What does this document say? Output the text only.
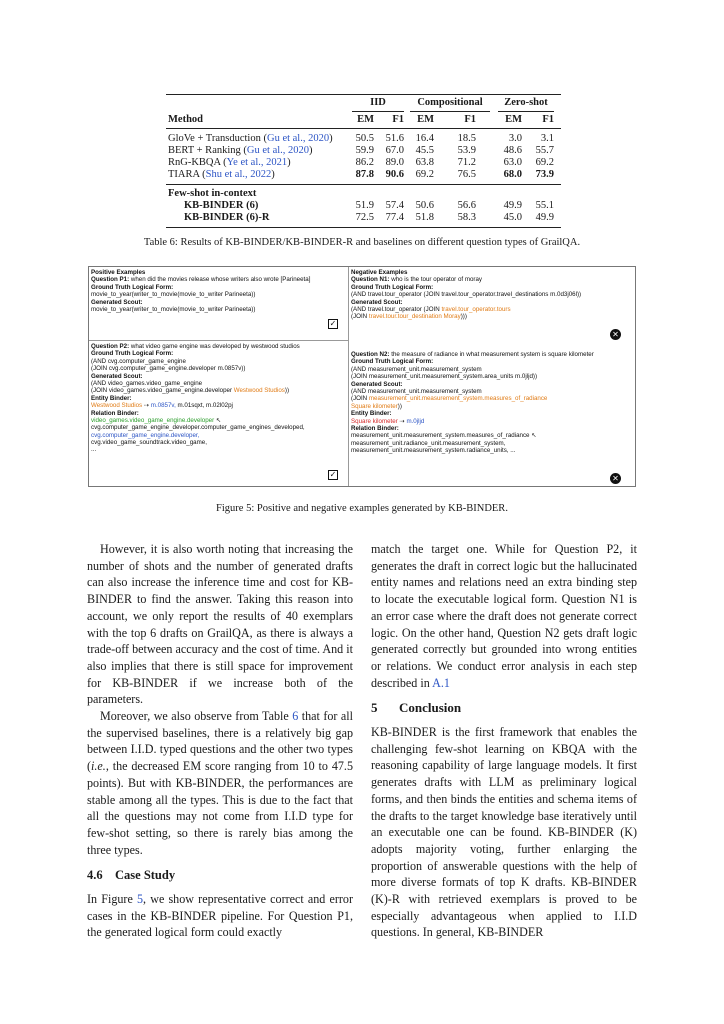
IID	Compositional	Zero-shot
Method	EM	F1	EM	F1	EM	F1
GloVe + Transduction (Gu et al., 2020)	50.5	51.6	16.4	18.5	3.0	3.1
BERT + Ranking (Gu et al., 2020)	59.9	67.0	45.5	53.9	48.6	55.7
RnG-KBQA (Ye et al., 2021)	86.2	89.0	63.8	71.2	63.0	69.2
TIARA (Shu et al., 2022)	87.8	90.6	69.2	76.5	68.0	73.9
Few-shot in-context
KB-BINDER (6)	51.9	57.4	50.6	56.6	49.9	55.1
KB-BINDER (6)-R	72.5	77.4	51.8	58.3	45.0	49.9
Table 6: Results of KB-BINDER/KB-BINDER-R and baselines on different question types of GrailQA.
Positive Examples
Question P1: when did the movies release whose writers also wrote [Parineeta]
Ground Truth Logical Form:
movie_to_year(writer_to_movie(movie_to_writer Parineeta))
Generated Scout:
movie_to_year(writer_to_movie(movie_to_writer Parineeta))
✓
Question P2: what video game engine was developed by westwood studios
Ground Truth Logical Form:
(AND cvg.computer_game_engine
(JOIN cvg.computer_game_engine.developer m.0857v))
Generated Scout:
(AND video_games.video_game_engine
(JOIN video_games.video_game_engine.developer Westwood Studios))
Entity Binder:
Westwood Studios ⇢ m.0857v, m.01sqxt, m.02l02pj
Relation Binder:
video_games.video_game_engine.developer ↖
cvg.computer_game_engine_developer.computer_game_engines_developed,
cvg.computer_game_engine.developer,
cvg.video_game_soundtrack.video_game,
...
✓
Negative Examples
Question N1: who is the tour operator of moray
Ground Truth Logical Form:
(AND travel.tour_operator (JOIN travel.tour_operator.travel_destinations m.0d3j06l))
Generated Scout:
(AND travel.tour_operator (JOIN travel.tour_operator.tours
(JOIN travel.tour.tour_destination Moray)))
✕
Question N2: the measure of radiance in what measurement system is square kilometer
Ground Truth Logical Form:
(AND measurement_unit.measurement_system
(JOIN measurement_unit.measurement_system.area_units m.0jljd))
Generated Scout:
(AND measurement_unit.measurement_system
(JOIN measurement_unit.measurement_system.measures_of_radiance
Square kilometer))
Entity Binder:
Square kilometer ⇢ m.0jljd
Relation Binder:
measurement_unit.measurement_system.measures_of_radiance ↖
measurement_unit.radiance_unit.measurement_system,
measurement_unit.measurement_system.radiance_units, ...
✕
Figure 5: Positive and negative examples generated by KB-BINDER.

However, it is also worth noting that increasing the number of shots and the number of generated drafts can also increase the inference time and cost for KB-BINDER to find the answer. Taking this reason into account, we only report the results of 40 exemplars with the top 6 drafts on GrailQA, as there is always a trade-off between accuracy and the cost of time. And it also implies that there is still space for improvement for KB-BINDER if we increase both of the parameters.

Moreover, we also observe from Table 6 that for all the supervised baselines, there is a relatively big gap between I.I.D. typed questions and the other two types (i.e., the decreased EM score ranging from 10 to 47.5 points). But with KB-BINDER, the performances are stable among all the types. This is due to the fact that all the questions may not come from I.I.D type for few-shot setting, so there is rarely bias among the three types.

4.6 Case Study

In Figure 5, we show representative correct and error cases in the KB-BINDER pipeline. For Question P1, the generated logical form could exactly

match the target one. While for Question P2, it generates the draft in correct logic but the hallucinated entity names and relations need an extra binding step to locate the executable logical form. Question N1 is an error case where the draft does not generate correct logic. On the other hand, Question N2 gets draft logic generated correctly but grounded into wrong entities or relations. We conduct error analysis in each step described in A.1

5 Conclusion

KB-BINDER is the first framework that enables the challenging few-shot learning on KBQA with the reasoning capability of large language models. It first generates drafts with LLM as preliminary logical forms, and then binds the entities and schema items of the drafts to the target knowledge base iteratively until an executable one can be found. KB-BINDER (K) adopts majority voting, further enlarging the proportion of answerable questions with the help of more diverse formats of top K drafts. KB-BINDER (K)-R with retrieved exemplars is proved to be especially advantageous when applied to I.I.D questions. In general, KB-BINDER
